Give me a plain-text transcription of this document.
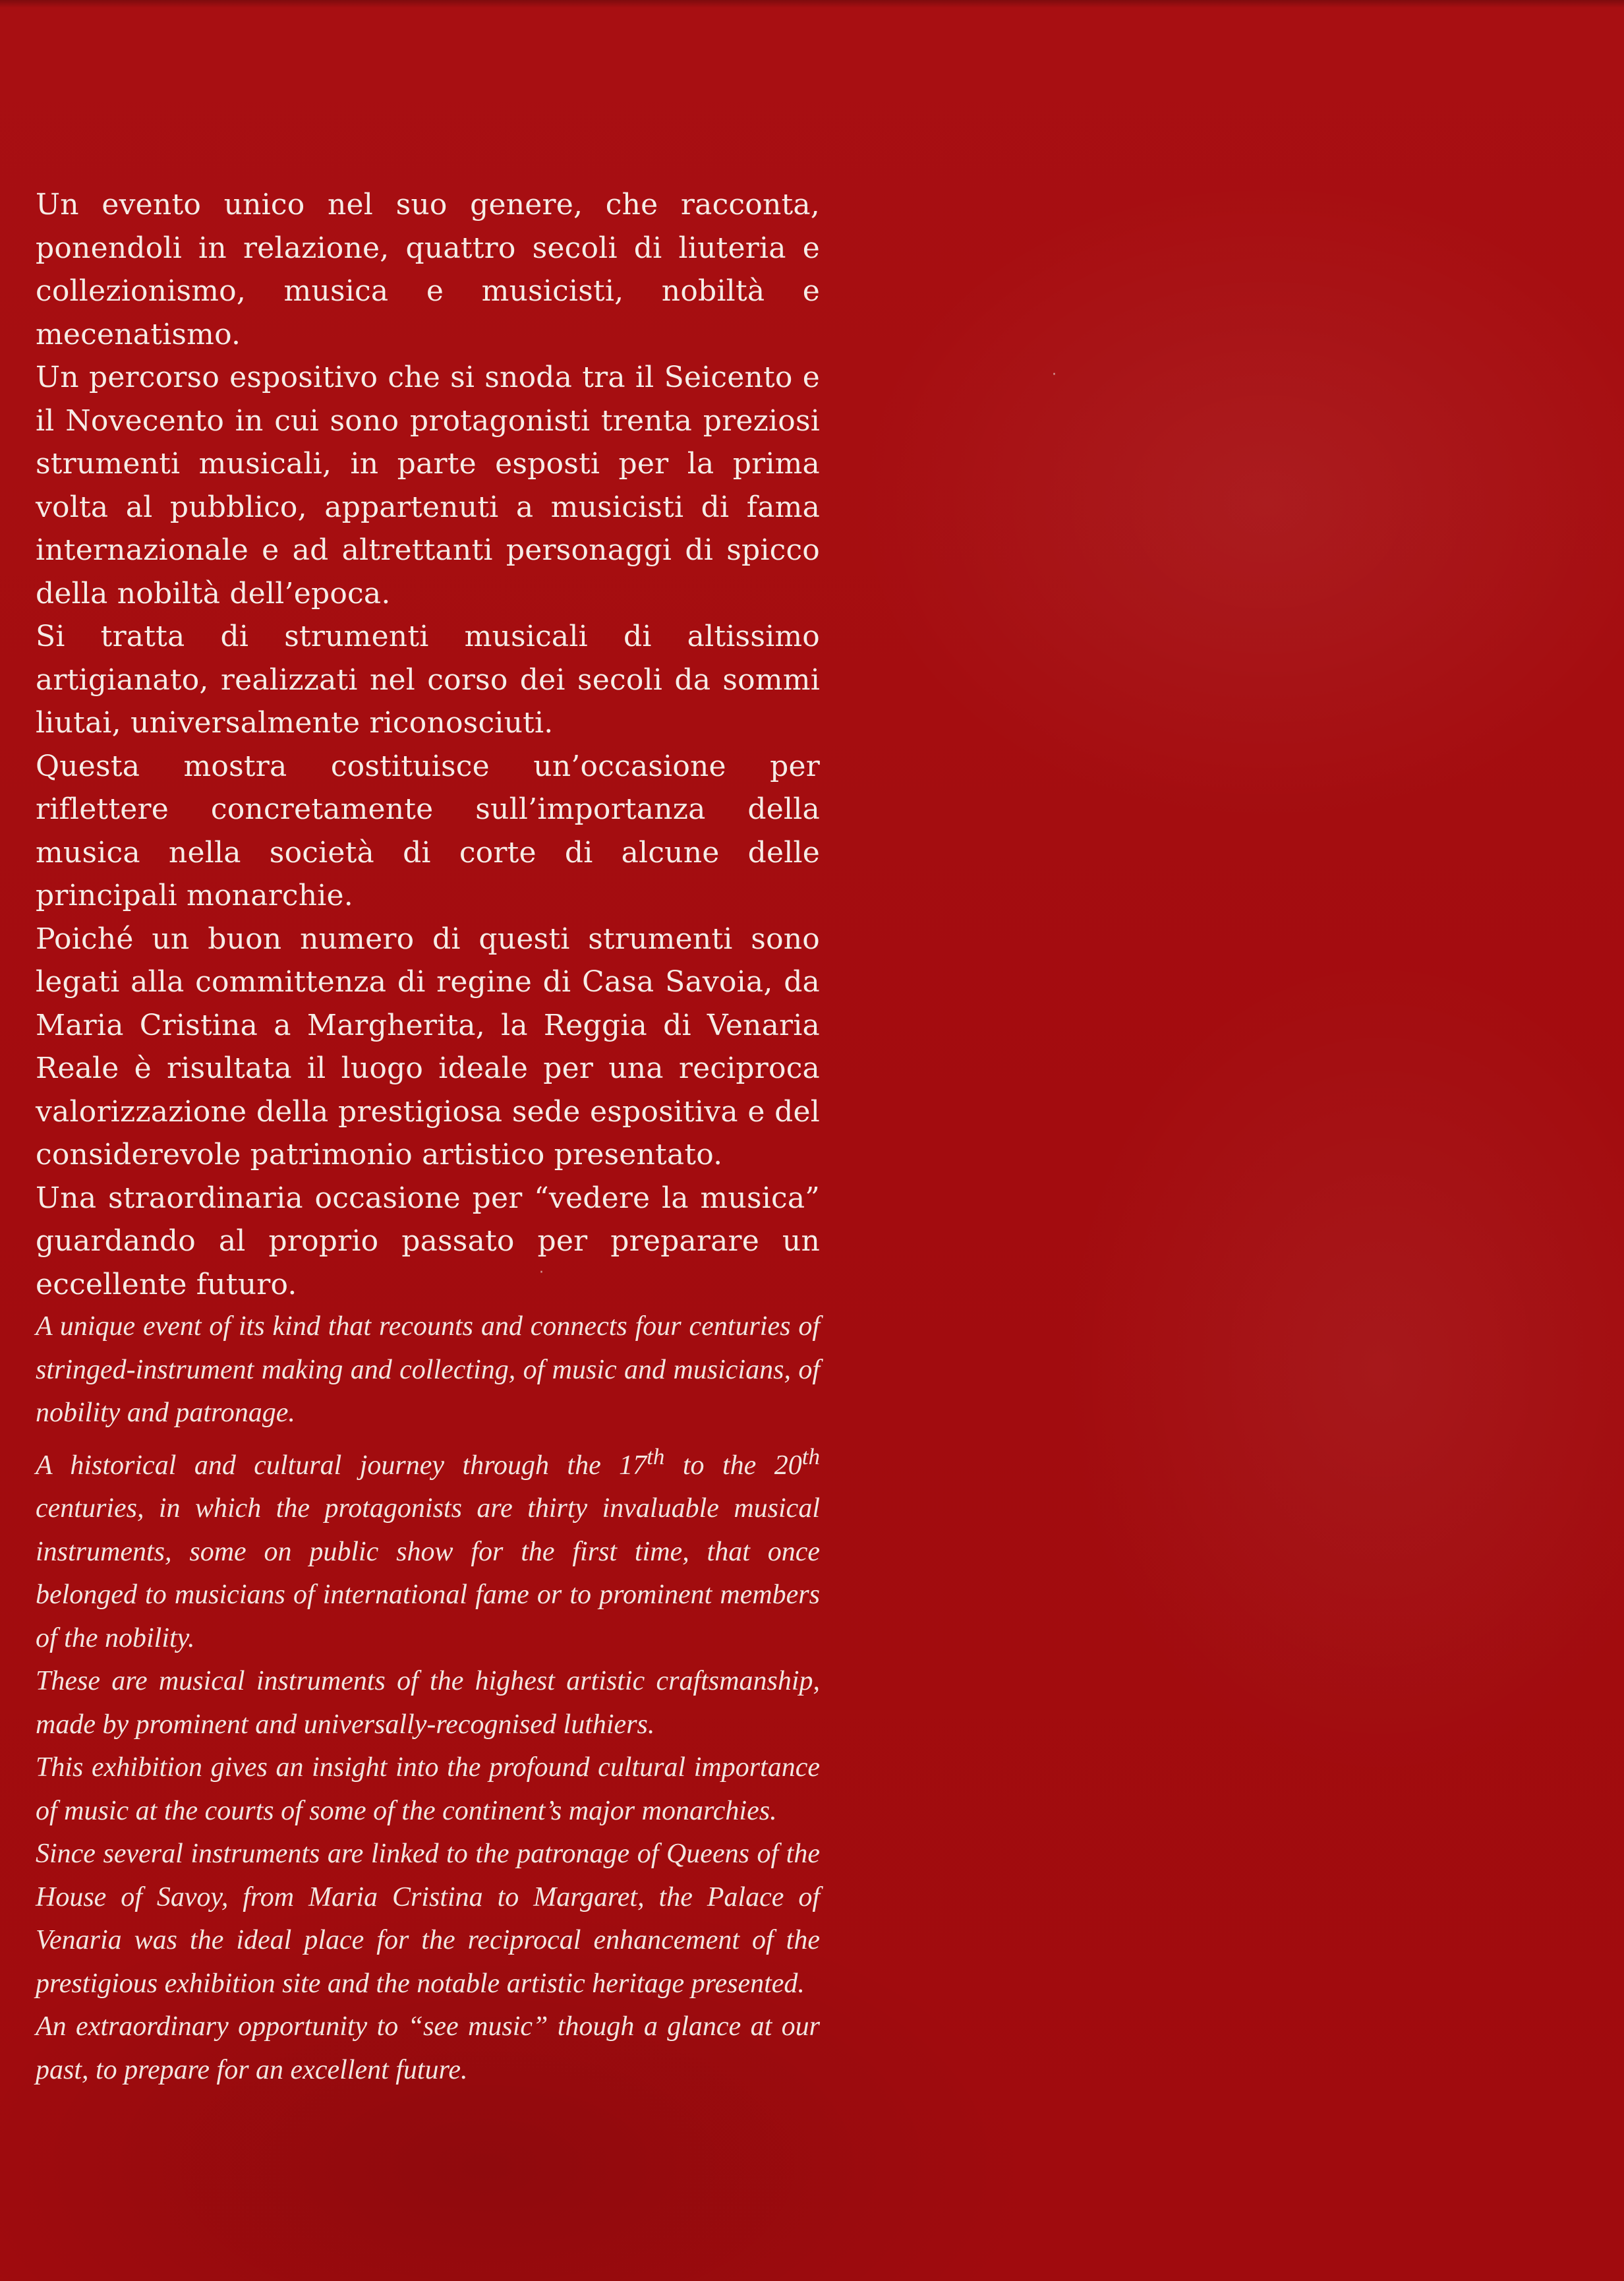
Un evento unico nel suo genere, che racconta, ponendoli in relazione, quattro secoli di liuteria e collezionismo, musica e musicisti, nobiltà e mecenatismo.

Un percorso espositivo che si snoda tra il Seicento e il Novecento in cui sono protagonisti trenta preziosi strumenti musicali, in parte esposti per la prima volta al pubblico, appartenuti a musicisti di fama internazionale e ad altrettanti personaggi di spicco della nobiltà dell’epoca.

Si tratta di strumenti musicali di altissimo artigianato, realizzati nel corso dei secoli da sommi liutai, universalmente riconosciuti.

Questa mostra costituisce un’occasione per riflettere concretamente sull’importanza della musica nella società di corte di alcune delle principali monarchie.

Poiché un buon numero di questi strumenti sono legati alla committenza di regine di Casa Savoia, da Maria Cristina a Margherita, la Reggia di Venaria Reale è risultata il luogo ideale per una reciproca valorizzazione della prestigiosa sede espositiva e del considerevole patrimonio artistico presentato.

Una straordinaria occasione per “vedere la musica” guardando al proprio passato per preparare un eccellente futuro.

·
·

A unique event of its kind that recounts and connects four centuries of stringed-instrument making and collecting, of music and musicians, of nobility and patronage.

A historical and cultural journey through the 17th to the 20th centuries, in which the protagonists are thirty invaluable musical instruments, some on public show for the first time, that once belonged to musicians of international fame or to prominent members of the nobility.

These are musical instruments of the highest artistic craftsmanship, made by prominent and universally-recognised luthiers.

This exhibition gives an insight into the profound cultural importance of music at the courts of some of the continent’s major monarchies.

Since several instruments are linked to the patronage of Queens of the House of Savoy, from Maria Cristina to Margaret, the Palace of Venaria was the ideal place for the reciprocal enhancement of the prestigious exhibition site and the notable artistic heritage presented.

An extraordinary opportunity to “see music” though a glance at our past, to prepare for an excellent future.
